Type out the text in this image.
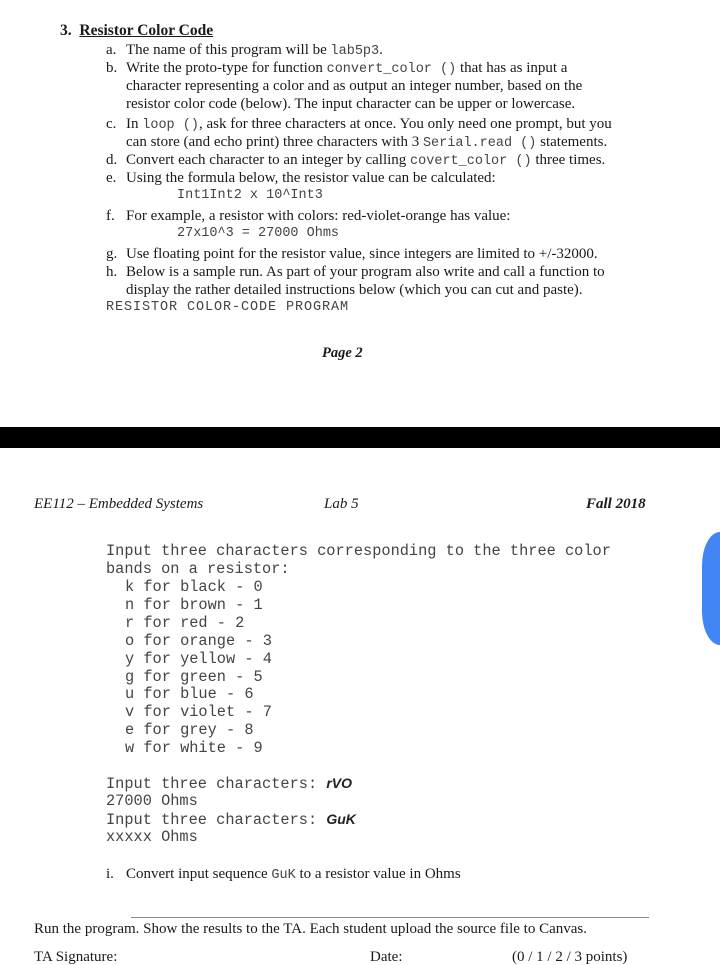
3. Resistor Color Code
a. The name of this program will be lab5p3.
b. Write the proto-type for function convert_color () that has as input a
character representing a color and as output an integer number, based on the
resistor color code (below). The input character can be upper or lowercase.
c. In loop (), ask for three characters at once. You only need one prompt, but you
can store (and echo print) three characters with 3 Serial.read () statements.
d. Convert each character to an integer by calling covert_color () three times.
e. Using the formula below, the resistor value can be calculated:
Int1Int2 x 10^Int3
f. For example, a resistor with colors: red-violet-orange has value:
27x10^3 = 27000 Ohms
g. Use floating point for the resistor value, since integers are limited to +/-32000.
h. Below is a sample run. As part of your program also write and call a function to
display the rather detailed instructions below (which you can cut and paste).
RESISTOR COLOR-CODE PROGRAM
Page 2
EE112 – Embedded Systems	Lab 5	Fall 2018
Input three characters corresponding to the three color
bands on a resistor:
k for black - 0
n for brown - 1
r for red - 2
o for orange - 3
y for yellow - 4
g for green - 5
u for blue - 6
v for violet - 7
e for grey - 8
w for white - 9
Input three characters: rVO
27000 Ohms
Input three characters: GuK
xxxxx Ohms
i. Convert input sequence GuK to a resistor value in Ohms
Run the program. Show the results to the TA. Each student upload the source file to Canvas.
TA Signature:	Date:	(0 / 1 / 2 / 3 points)
